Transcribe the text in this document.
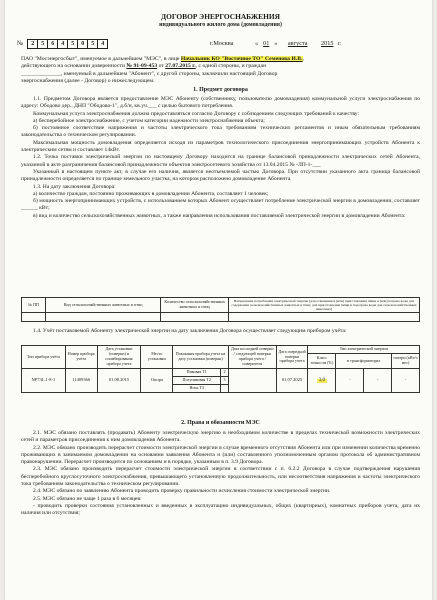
ДОГОВОР ЭНЕРГОСНАБЖЕНИЯ
индивидуального жилого дома (домовладения)
№	2	5	6	4	5	0	5	4	г.Москва	« 01 » августа 2015 г.
ПАО "Мосэнергосбыт", именуемое в дальнейшем "МЭС", в лице Начальник КО "Восточное ТО" Семенова И.В.,
действующего на основании доверенности № 91-09-453 от 27.07.2015 г., с одной стороны, и граждан
______________, именуемый в дальнейшем "Абонент", с другой стороны, заключили настоящий Договор
энергоснабжения (далее - Договор) о нижеследующем.
1. Предмет договора

1.1. Предметом Договора является предоставление МЭС Абоненту (собственнику, пользователю домовладения) коммунальной услуги электроснабжения по адресу: Ободово дер., ДНП "Ободово-1", д.б/н, кв.уч.___ с целью бытового потребления.

Коммунальная услуга электроснабжения должна предоставляться согласно Договору с соблюдением следующих требований к качеству:

а) бесперебойное электроснабжение, с учетом категории надежности электроснабжения объекта;

б) постоянное соответствие напряжения и частоты электрического тока требованиям технических регламентов и иным обязательным требованиям законодательства о техническом регулировании.

Максимальная мощность домовладения определяется исходя из параметров технологического присоединения энергопринимающих устройств Абонента к электрическим сетям и составляет 14кВт.

1.2. Точка поставки электрической энергии по настоящему Договору находится на границе балансовой принадлежности электрических сетей Абонента, указанной в акте разграничения балансовой принадлежности объектов электросетевого хозяйства от 13.04.2015 № -ЛП-1-___

Указанный в настоящем пункте акт, в случае его наличия, является неотъемлемой частью Договора. При отсутствии указанного акта граница балансовой принадлежности определяется по границе земельного участка, на котором расположено домовладение Абонента.

1.3. На дату заключения Договора:

а) количество граждан, постоянно проживающих в домовладении Абонента, составляет 1 человек;

б) мощность энергопринимающих устройств, с использованием которых Абонент осуществляет потребление электрической энергии в домовладении, составляет ______ кВт;

в) вид и количество сельскохозяйственных животных, а также направления использования поставляемой электрической энергии в домовладении Абонента:

№ ПП	Вид сельскохозяйственных животных и птиц	Количество сельскохозяйственных животных и птиц	Направление потребления электрической энергии (для освещения и (или) приготовления пищи и (или) нагрева воды для содержания сельскохозяйственных животных и птиц; для приготовления пищи и подогрева воды для сельскохозяйственных животных)

1.4. Учёт поставляемой Абоненту электрической энергии на дату заключения Договора осуществляет следующим прибором учёта:

Тип прибора учёта	Номер прибора учёта	Дата установки (поверки) и пломбирования прибора учета	Место установки	Показания прибора учета на дату установки (поверки)		Дата последней поверки / следующей поверки прибора учета / поверителя	Дата очередной поверки прибора учета	Тип электрической энергии			
								Класс точности (%)	в трансформаторах		потери (кВт/ч мес)
NP73L.1-8-1	11409366	01.08.2015	Опора	Пиковая Т1	2		01.07.2025	3,0	-	-	-
				Полупиковая Т2	3						
				Ночь Т3							
2. Права и обязанности МЭС

2.1. МЭС обязано поставлять (продавать) Абоненту электрическую энергию в необходимом количестве в пределах технической возможности электрических сетей и параметров присоединения к ним домовладения Абонента.

2.2. МЭС обязано производить перерасчет стоимости электрической энергии в случае временного отсутствия Абонента или при изменении количества временно проживающих в занимаемом домовладении на основании заявления Абонента и (или) составленного уполномоченным органом протокола об административном правонарушении. Перерасчет производится по основаниям и в порядке, указанным в п. 3.9 Договора.

2.3. МЭС обязано производить перерасчет стоимости электрической энергии в соответствии с п. 6.2.2 Договора в случае подтверждения нарушения бесперебойного круглосуточного электроснабжения, превышающего установленную продолжительность, или несоответствия напряжения и частоты электрического тока требованиям законодательства о техническом регулировании.

2.4. МЭС обязано по заявлению Абонента проводить проверку правильности исчисления стоимости электрической энергии.

2.5. МЭС обязано не чаще 1 раза в 6 месяцев:

- проводить проверки состояния установленных и введенных в эксплуатацию индивидуальных, общих (квартирных), комнатных приборов учета, дата их наличия или отсутствия;
